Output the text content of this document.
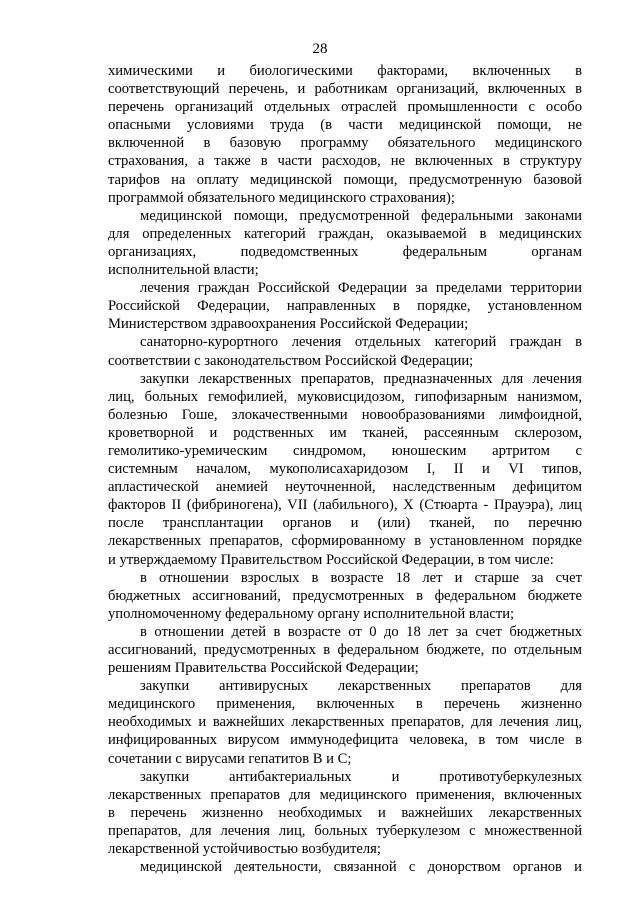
28
химическими и биологическими факторами, включенных в
соответствующий перечень, и работникам организаций, включенных в
перечень организаций отдельных отраслей промышленности с особо
опасными условиями труда (в части медицинской помощи, не
включенной в базовую программу обязательного медицинского
страхования, а также в части расходов, не включенных в структуру
тарифов на оплату медицинской помощи, предусмотренную базовой
программой обязательного медицинского страхования);
медицинской помощи, предусмотренной федеральными законами
для определенных категорий граждан, оказываемой в медицинских
организациях, подведомственных федеральным органам
исполнительной власти;
лечения граждан Российской Федерации за пределами территории
Российской Федерации, направленных в порядке, установленном
Министерством здравоохранения Российской Федерации;
санаторно-курортного лечения отдельных категорий граждан в
соответствии с законодательством Российской Федерации;
закупки лекарственных препаратов, предназначенных для лечения
лиц, больных гемофилией, муковисцидозом, гипофизарным нанизмом,
болезнью Гоше, злокачественными новообразованиями лимфоидной,
кроветворной и родственных им тканей, рассеянным склерозом,
гемолитико-уремическим синдромом, юношеским артритом с
системным началом, мукополисахаридозом I, II и VI типов,
апластической анемией неуточненной, наследственным дефицитом
факторов II (фибриногена), VII (лабильного), X (Стюарта - Прауэра), лиц
после трансплантации органов и (или) тканей, по перечню
лекарственных препаратов, сформированному в установленном порядке
и утверждаемому Правительством Российской Федерации, в том числе:
в отношении взрослых в возрасте 18 лет и старше за счет
бюджетных ассигнований, предусмотренных в федеральном бюджете
уполномоченному федеральному органу исполнительной власти;
в отношении детей в возрасте от 0 до 18 лет за счет бюджетных
ассигнований, предусмотренных в федеральном бюджете, по отдельным
решениям Правительства Российской Федерации;
закупки антивирусных лекарственных препаратов для
медицинского применения, включенных в перечень жизненно
необходимых и важнейших лекарственных препаратов, для лечения лиц,
инфицированных вирусом иммунодефицита человека, в том числе в
сочетании с вирусами гепатитов В и С;
закупки антибактериальных и противотуберкулезных
лекарственных препаратов для медицинского применения, включенных
в перечень жизненно необходимых и важнейших лекарственных
препаратов, для лечения лиц, больных туберкулезом с множественной
лекарственной устойчивостью возбудителя;
медицинской деятельности, связанной с донорством органов и
